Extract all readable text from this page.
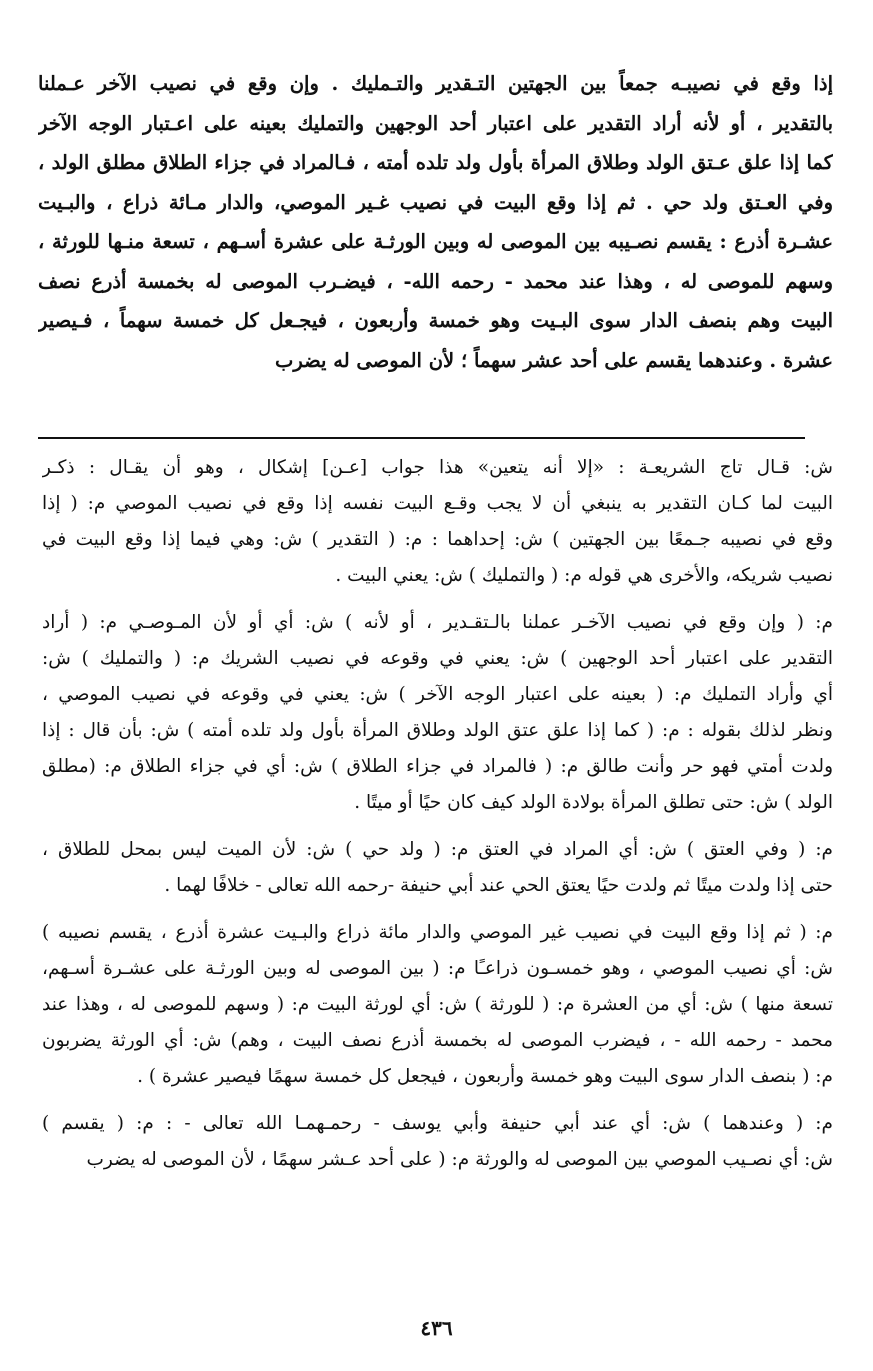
إذا وقع في نصيبـه جمعاً بين الجهتين التـقدير والتـمليك . وإن وقع في نصيب الآخر عـملنا
بالتقدير ، أو لأنه أراد التقدير على اعتبار أحد الوجهين والتمليك بعينه على اعـتبار الوجه الآخر
كما إذا علق عـتق الولد وطلاق المرأة بأول ولد تلده أمته ، فـالمراد في جزاء الطلاق مطلق الولد ،
وفي العـتق ولد حي . ثم إذا وقع البيت في نصيب غـير الموصي، والدار مـائة ذراع ، والبـيت
عشـرة أذرع : يقسم نصـيبه بين الموصى له وبين الورثـة على عشرة أسـهم ، تسعة منـها للورثة ،
وسهم للموصى له ، وهذا عند محمد - رحمه الله- ، فيضـرب الموصى له بخمسة أذرع نصف
البيت وهم بنصف الدار سوى البـيت وهو خمسة وأربعون ، فيجـعل كل خمسة سهماً ، فـيصير
عشرة . وعندهما يقسم على أحد عشر سهماً ؛ لأن الموصى له يضرب
ش: قـال تاج الشريعـة : «إلا أنه يتعين» هذا جواب [عـن] إشكال ، وهو أن يقـال : ذكـر
البيت لما كـان التقدير به ينبغي أن لا يجب وقـع البيت نفسه إذا وقع في نصيب الموصي م: ( إذا
وقع في نصيبه جـمعًا بين الجهتين ) ش: إحداهما : م: ( التقدير ) ش: وهي فيما إذا وقع البيت في
نصيب شريكه، والأخرى هي قوله م: ( والتمليك ) ش: يعني البيت .
م: ( وإن وقع في نصيب الآخـر عملنا بالـتقـدير ، أو لأنه ) ش: أي أو لأن المـوصـي م: ( أراد
التقدير على اعتبار أحد الوجهين ) ش: يعني في وقوعه في نصيب الشريك م: ( والتمليك ) ش:
أي وأراد التمليك م: ( بعينه على اعتبار الوجه الآخر ) ش: يعني في وقوعه في نصيب الموصي ،
ونظر لذلك بقوله : م: ( كما إذا علق عتق الولد وطلاق المرأة بأول ولد تلده أمته ) ش: بأن قال : إذا
ولدت أمتي فهو حر وأنت طالق م: ( فالمراد في جزاء الطلاق ) ش: أي في جزاء الطلاق م: (مطلق
الولد ) ش: حتى تطلق المرأة بولادة الولد كيف كان حيًا أو ميتًا .
م: ( وفي العتق ) ش: أي المراد في العتق م: ( ولد حي ) ش: لأن الميت ليس بمحل للطلاق ،
حتى إذا ولدت ميتًا ثم ولدت حيًا يعتق الحي عند أبي حنيفة -رحمه الله تعالى - خلافًا لهما .
م: ( ثم إذا وقع البيت في نصيب غير الموصي والدار مائة ذراع والبـيت عشرة أذرع ، يقسم نصيبه )
ش: أي نصيب الموصي ، وهو خمسـون ذراعـًا م: ( بين الموصى له وبين الورثـة على عشـرة أسـهم،
تسعة منها ) ش: أي من العشرة م: ( للورثة ) ش: أي لورثة البيت م: ( وسهم للموصى له ، وهذا عند
محمد - رحمه الله - ، فيضرب الموصى له بخمسة أذرع نصف البيت ، وهم) ش: أي الورثة يضربون
م: ( بنصف الدار سوى البيت وهو خمسة وأربعون ، فيجعل كل خمسة سهمًا فيصير عشرة ) .
م: ( وعندهما ) ش: أي عند أبي حنيفة وأبي يوسف - رحمـهمـا الله تعالى - : م: ( يقسم )
ش: أي نصـيب الموصي بين الموصى له والورثة م: ( على أحد عـشر سهمًا ، لأن الموصى له يضرب
٤٣٦
